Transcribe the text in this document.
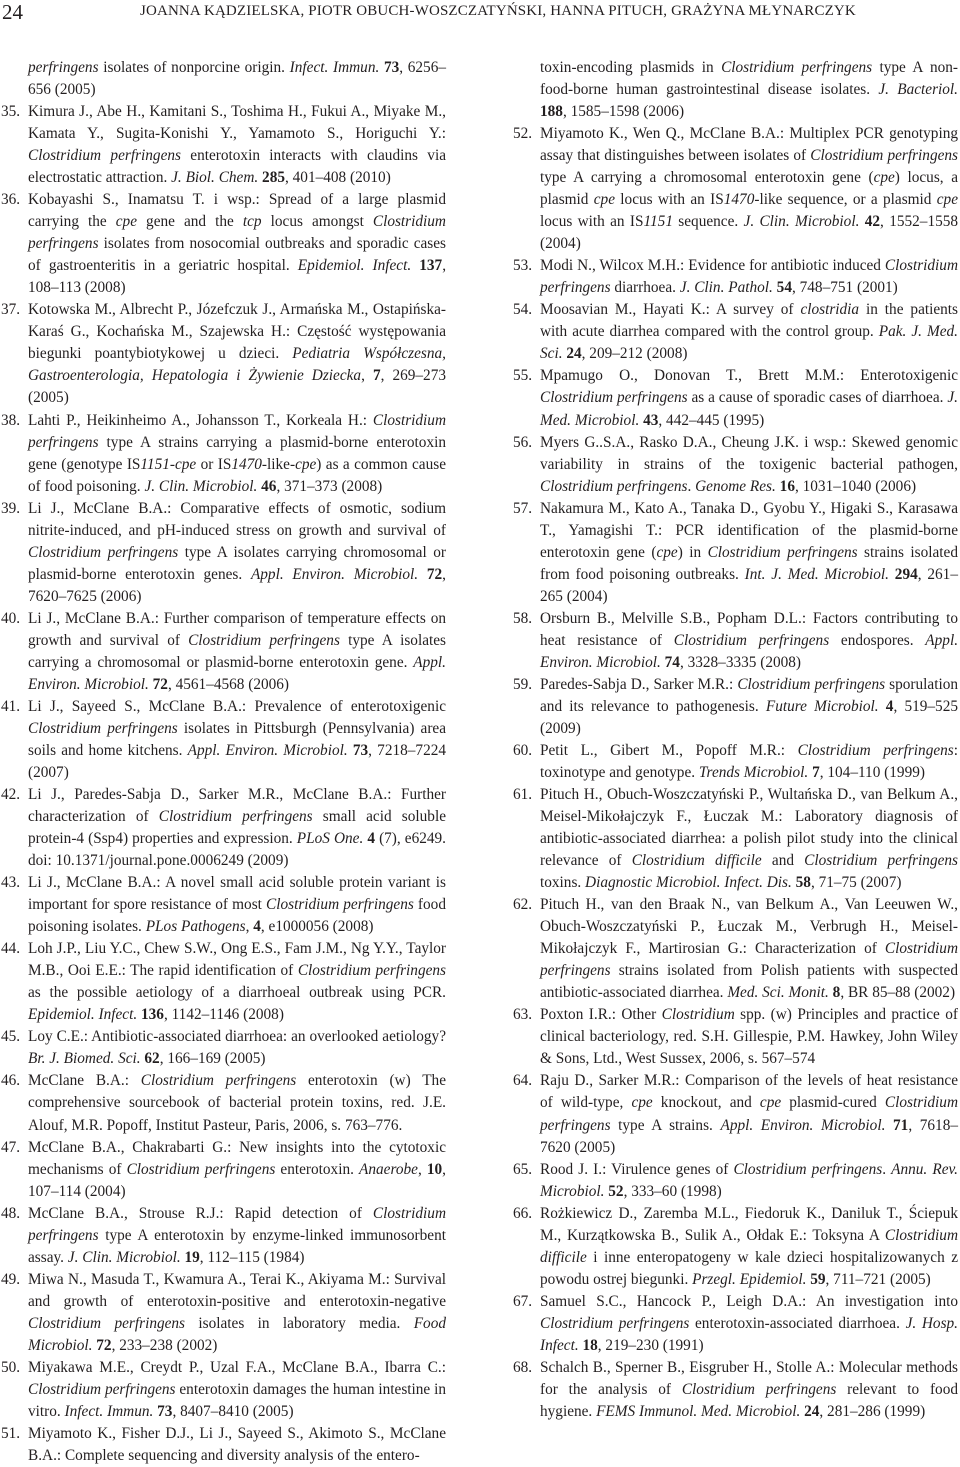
24	JOANNA KĄDZIELSKA, PIOTR OBUCH-WOSZCZATYŃSKI, HANNA PITUCH, GRAŻYNA MŁYNARCZYK
perfringens isolates of nonporcine origin. Infect. Immun. 73, 6256–656 (2005)
35. Kimura J., Abe H., Kamitani S., Toshima H., Fukui A., Miyake M., Kamata Y., Sugita-Konishi Y., Yamamoto S., Horiguchi Y.: Clostridium perfringens enterotoxin interacts with claudins via electrostatic attraction. J. Biol. Chem. 285, 401–408 (2010)
36. Kobayashi S., Inamatsu T. i wsp.: Spread of a large plasmid carrying the cpe gene and the tcp locus amongst Clostridium perfringens isolates from nosocomial outbreaks and sporadic cases of gastroenteritis in a geriatric hospital. Epidemiol. Infect. 137, 108–113 (2008)
37. Kotowska M., Albrecht P., Józefczuk J., Armańska M., Ostapińska-Karaś G., Kochańska M., Szajewska H.: Częstość występowania biegunki poantybiotykowej u dzieci. Pediatria Współczesna, Gastroenterologia, Hepatologia i Żywienie Dziecka, 7, 269–273 (2005)
38. Lahti P., Heikinheimo A., Johansson T., Korkeala H.: Clostridium perfringens type A strains carrying a plasmid-borne enterotoxin gene (genotype IS1151-cpe or IS1470-like-cpe) as a common cause of food poisoning. J. Clin. Microbiol. 46, 371–373 (2008)
39. Li J., McClane B.A.: Comparative effects of osmotic, sodium nitrite-induced, and pH-induced stress on growth and survival of Clostridium perfringens type A isolates carrying chromosomal or plasmid-borne enterotoxin genes. Appl. Environ. Microbiol. 72, 7620–7625 (2006)
40. Li J., McClane B.A.: Further comparison of temperature effects on growth and survival of Clostridium perfringens type A isolates carrying a chromosomal or plasmid-borne enterotoxin gene. Appl. Environ. Microbiol. 72, 4561–4568 (2006)
41. Li J., Sayeed S., McClane B.A.: Prevalence of enterotoxigenic Clostridium perfringens isolates in Pittsburgh (Pennsylvania) area soils and home kitchens. Appl. Environ. Microbiol. 73, 7218–7224 (2007)
42. Li J., Paredes-Sabja D., Sarker M.R., McClane B.A.: Further characterization of Clostridium perfringens small acid soluble protein-4 (Ssp4) properties and expression. PLoS One. 4 (7), e6249. doi: 10.1371/journal.pone.0006249 (2009)
43. Li J., McClane B.A.: A novel small acid soluble protein variant is important for spore resistance of most Clostridium perfringens food poisoning isolates. PLos Pathogens, 4, e1000056 (2008)
44. Loh J.P., Liu Y.C., Chew S.W., Ong E.S., Fam J.M., Ng Y.Y., Taylor M.B., Ooi E.E.: The rapid identification of Clostridium perfringens as the possible aetiology of a diarrhoeal outbreak using PCR. Epidemiol. Infect. 136, 1142–1146 (2008)
45. Loy C.E.: Antibiotic-associated diarrhoea: an overlooked aetiology? Br. J. Biomed. Sci. 62, 166–169 (2005)
46. McClane B.A.: Clostridium perfringens enterotoxin (w) The comprehensive sourcebook of bacterial protein toxins, red. J.E. Alouf, M.R. Popoff, Institut Pasteur, Paris, 2006, s. 763–776.
47. McClane B.A., Chakrabarti G.: New insights into the cytotoxic mechanisms of Clostridium perfringens enterotoxin. Anaerobe, 10, 107–114 (2004)
48. McClane B.A., Strouse R.J.: Rapid detection of Clostridium perfringens type A enterotoxin by enzyme-linked immunosorbent assay. J. Clin. Microbiol. 19, 112–115 (1984)
49. Miwa N., Masuda T., Kwamura A., Terai K., Akiyama M.: Survival and growth of enterotoxin-positive and enterotoxin-negative Clostridium perfringens isolates in laboratory media. Food Microbiol. 72, 233–238 (2002)
50. Miyakawa M.E., Creydt P., Uzal F.A., McClane B.A., Ibarra C.: Clostridium perfringens enterotoxin damages the human intestine in vitro. Infect. Immun. 73, 8407–8410 (2005)
51. Miyamoto K., Fisher D.J., Li J., Sayeed S., Akimoto S., McClane B.A.: Complete sequencing and diversity analysis of the entero-
toxin-encoding plasmids in Clostridium perfringens type A non-food-borne human gastrointestinal disease isolates. J. Bacteriol. 188, 1585–1598 (2006)
52. Miyamoto K., Wen Q., McClane B.A.: Multiplex PCR genotyping assay that distinguishes between isolates of Clostridium perfringens type A carrying a chromosomal enterotoxin gene (cpe) locus, a plasmid cpe locus with an IS1470-like sequence, or a plasmid cpe locus with an IS1151 sequence. J. Clin. Microbiol. 42, 1552–1558 (2004)
53. Modi N., Wilcox M.H.: Evidence for antibiotic induced Clostridium perfringens diarrhoea. J. Clin. Pathol. 54, 748–751 (2001)
54. Moosavian M., Hayati K.: A survey of clostridia in the patients with acute diarrhea compared with the control group. Pak. J. Med. Sci. 24, 209–212 (2008)
55. Mpamugo O., Donovan T., Brett M.M.: Enterotoxigenic Clostridium perfringens as a cause of sporadic cases of diarrhoea. J. Med. Microbiol. 43, 442–445 (1995)
56. Myers G..S.A., Rasko D.A., Cheung J.K. i wsp.: Skewed genomic variability in strains of the toxigenic bacterial pathogen, Clostridium perfringens. Genome Res. 16, 1031–1040 (2006)
57. Nakamura M., Kato A., Tanaka D., Gyobu Y., Higaki S., Karasawa T., Yamagishi T.: PCR identification of the plasmid-borne enterotoxin gene (cpe) in Clostridium perfringens strains isolated from food poisoning outbreaks. Int. J. Med. Microbiol. 294, 261–265 (2004)
58. Orsburn B., Melville S.B., Popham D.L.: Factors contributing to heat resistance of Clostridium perfringens endospores. Appl. Environ. Microbiol. 74, 3328–3335 (2008)
59. Paredes-Sabja D., Sarker M.R.: Clostridium perfringens sporulation and its relevance to pathogenesis. Future Microbiol. 4, 519–525 (2009)
60. Petit L., Gibert M., Popoff M.R.: Clostridium perfringens: toxinotype and genotype. Trends Microbiol. 7, 104–110 (1999)
61. Pituch H., Obuch-Woszczatyński P., Wultańska D., van Belkum A., Meisel-Mikołajczyk F., Łuczak M.: Laboratory diagnosis of antibiotic-associated diarrhea: a polish pilot study into the clinical relevance of Clostridium difficile and Clostridium perfringens toxins. Diagnostic Microbiol. Infect. Dis. 58, 71–75 (2007)
62. Pituch H., van den Braak N., van Belkum A., Van Leeuwen W., Obuch-Woszczatyński P., Łuczak M., Verbrugh H., Meisel-Mikołajczyk F., Martirosian G.: Characterization of Clostridium perfringens strains isolated from Polish patients with suspected antibiotic-associated diarrhea. Med. Sci. Monit. 8, BR 85–88 (2002)
63. Poxton I.R.: Other Clostridium spp. (w) Principles and practice of clinical bacteriology, red. S.H. Gillespie, P.M. Hawkey, John Wiley & Sons, Ltd., West Sussex, 2006, s. 567–574
64. Raju D., Sarker M.R.: Comparison of the levels of heat resistance of wild-type, cpe knockout, and cpe plasmid-cured Clostridium perfringens type A strains. Appl. Environ. Microbiol. 71, 7618–7620 (2005)
65. Rood J. I.: Virulence genes of Clostridium perfringens. Annu. Rev. Microbiol. 52, 333–60 (1998)
66. Rożkiewicz D., Zaremba M.L., Fiedoruk K., Daniluk T., Ściepuk M., Kurzątkowska B., Sulik A., Ołdak E.: Toksyna A Clostridium difficile i inne enteropatogeny w kale dzieci hospitalizowanych z powodu ostrej biegunki. Przegl. Epidemiol. 59, 711–721 (2005)
67. Samuel S.C., Hancock P., Leigh D.A.: An investigation into Clostridium perfringens enterotoxin-associated diarrhoea. J. Hosp. Infect. 18, 219–230 (1991)
68. Schalch B., Sperner B., Eisgruber H., Stolle A.: Molecular methods for the analysis of Clostridium perfringens relevant to food hygiene. FEMS Immunol. Med. Microbiol. 24, 281–286 (1999)
